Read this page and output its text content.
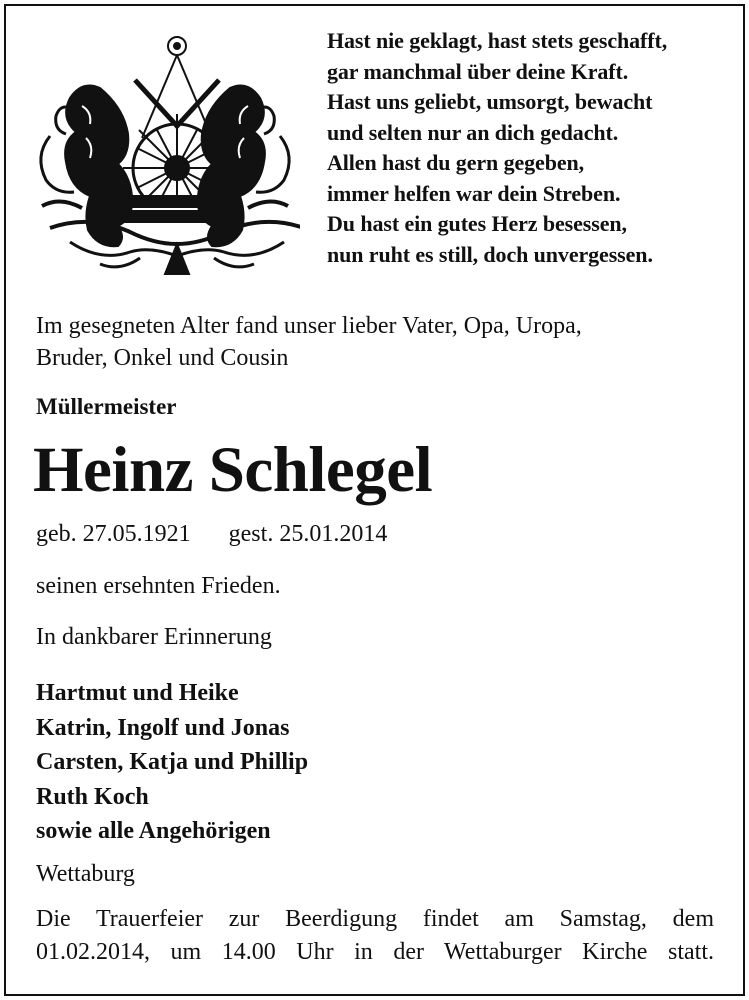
Hast nie geklagt, hast stets geschafft,
gar manchmal über deine Kraft.
Hast uns geliebt, umsorgt, bewacht
und selten nur an dich gedacht.
Allen hast du gern gegeben,
immer helfen war dein Streben.
Du hast ein gutes Herz besessen,
nun ruht es still, doch unvergessen.
Im gesegneten Alter fand unser lieber Vater, Opa, Uropa,
Bruder, Onkel und Cousin
Müllermeister
Heinz Schlegel
geb. 27.05.1921 gest. 25.01.2014
seinen ersehnten Frieden.
In dankbarer Erinnerung
Hartmut und Heike
Katrin, Ingolf und Jonas
Carsten, Katja und Phillip
Ruth Koch
sowie alle Angehörigen
Wettaburg
Die Trauerfeier zur Beerdigung findet am Samstag, dem
01.02.2014, um 14.00 Uhr in der Wettaburger Kirche statt.
